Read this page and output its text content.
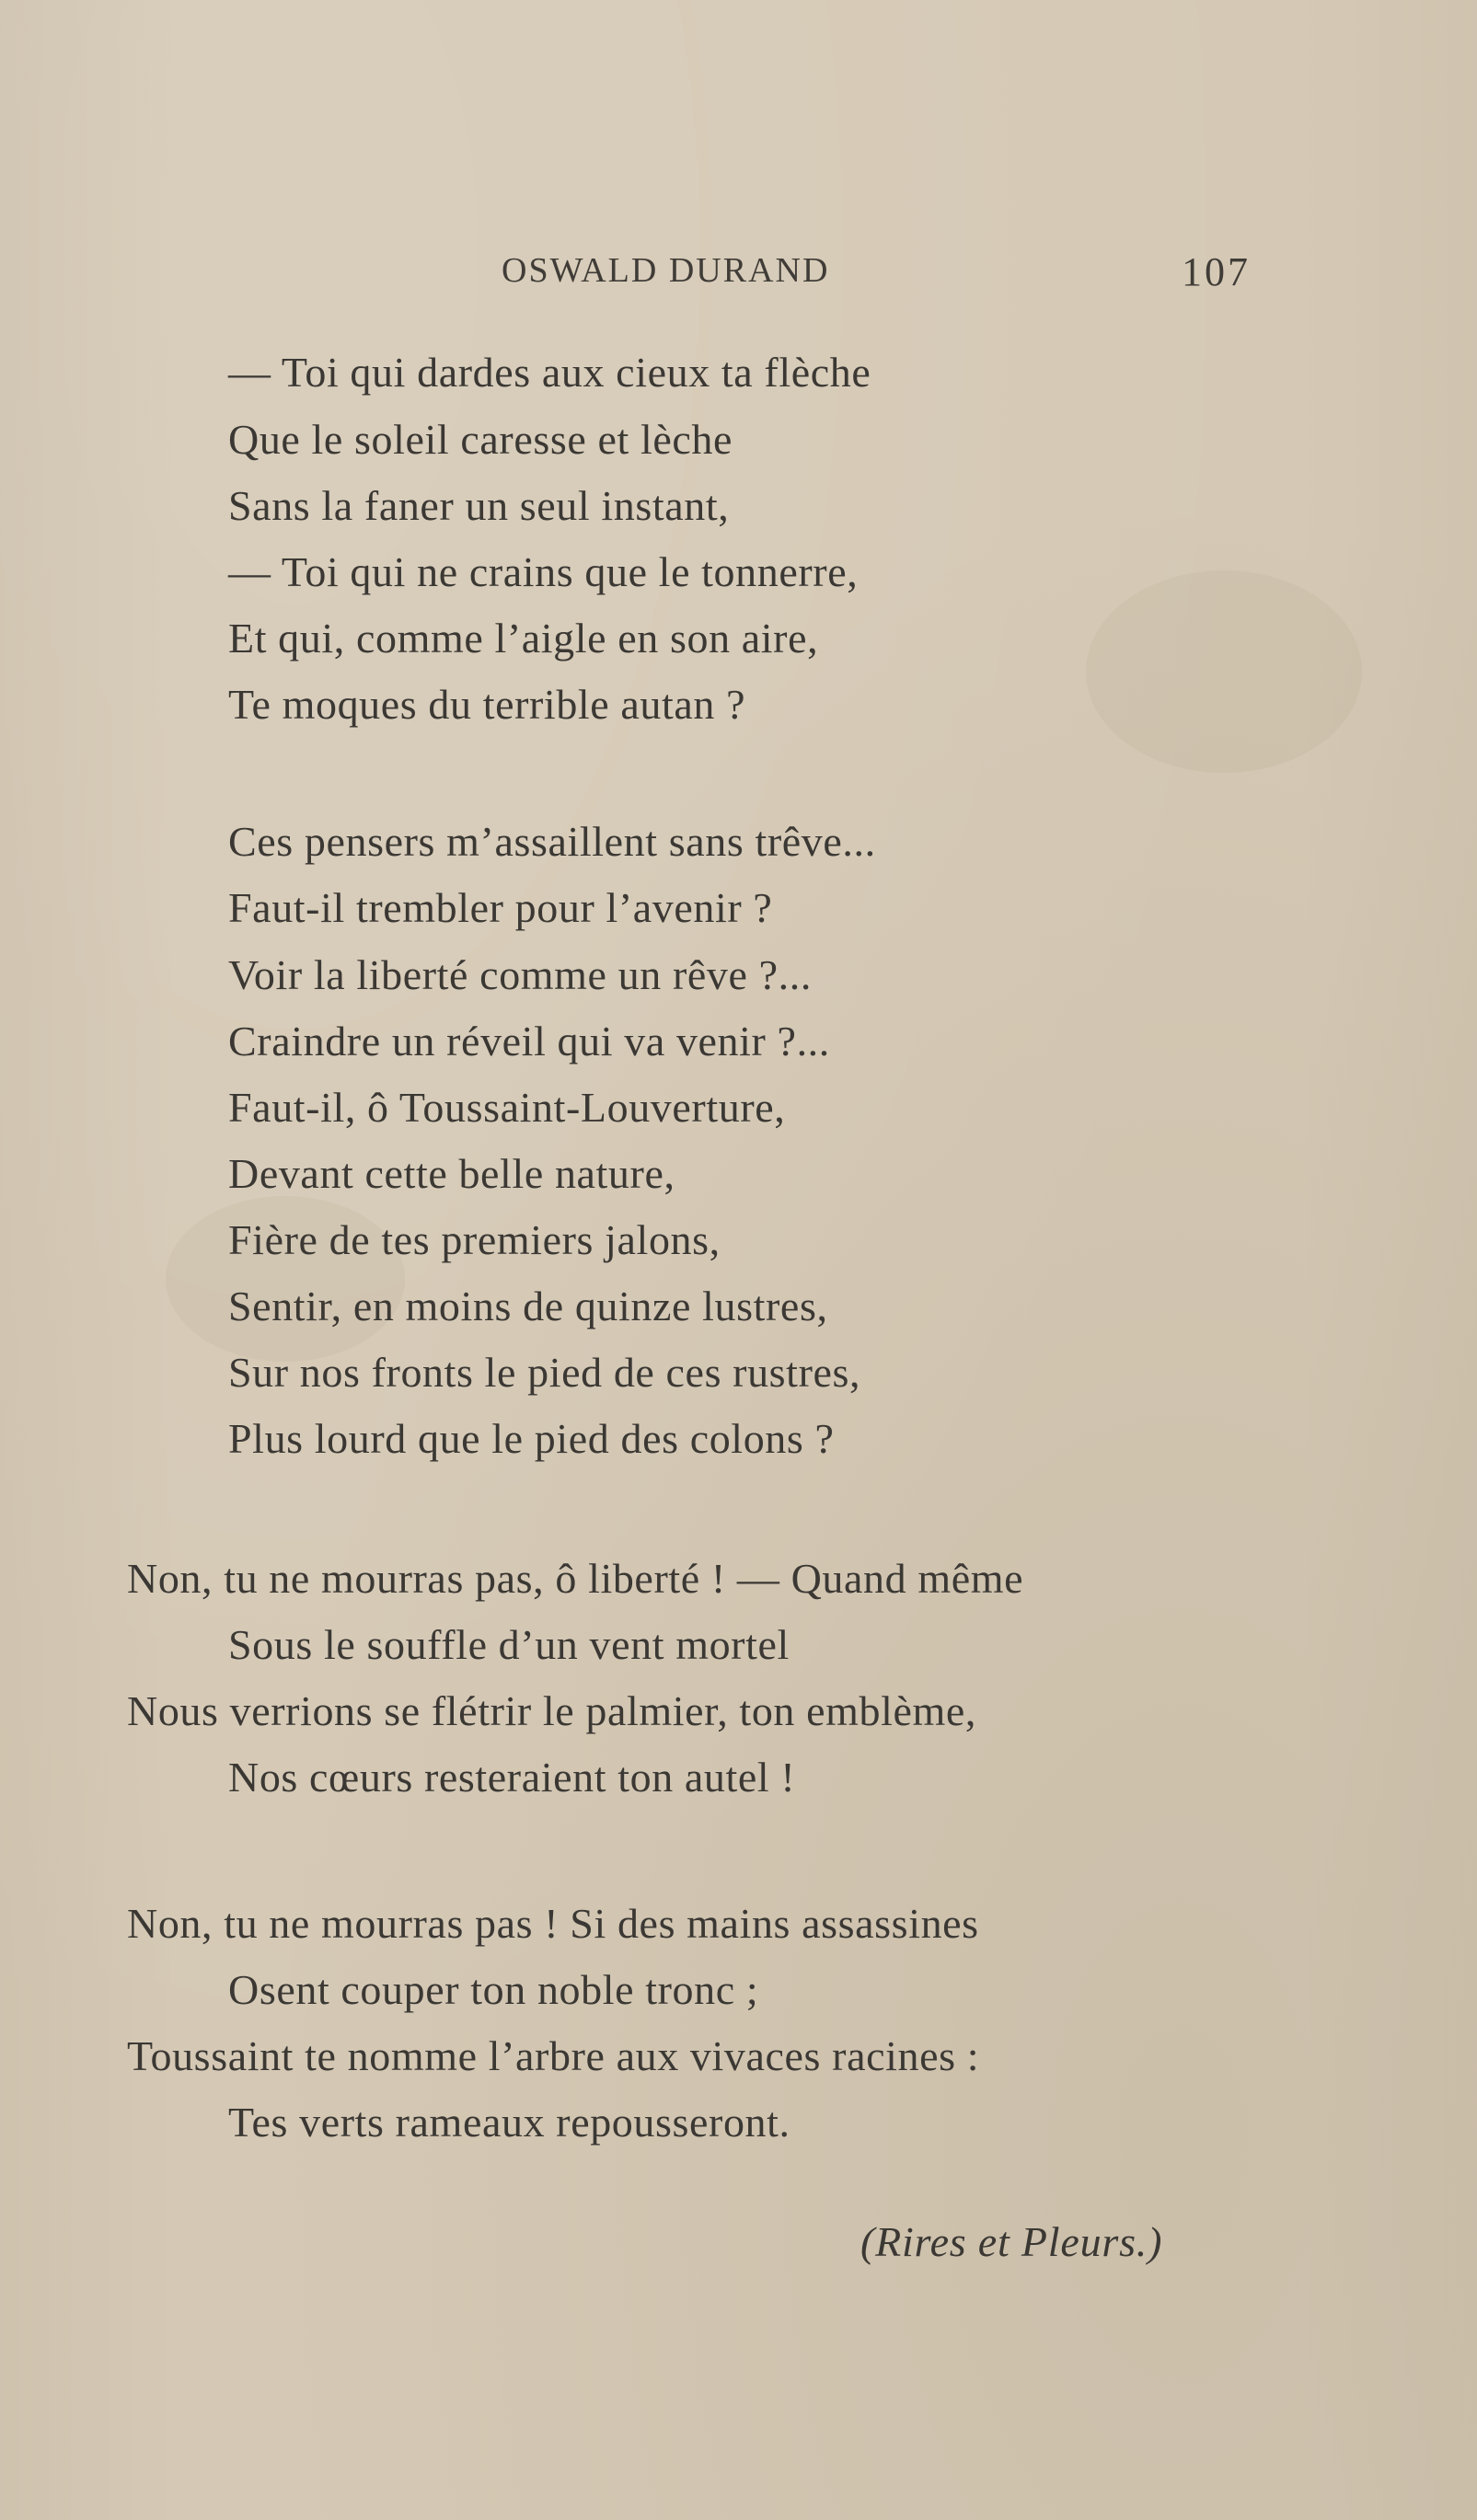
OSWALD DURAND	107
— Toi qui dardes aux cieux ta flèche
Que le soleil caresse et lèche
Sans la faner un seul instant,
— Toi qui ne crains que le tonnerre,
Et qui, comme l’aigle en son aire,
Te moques du terrible autan ?
Ces pensers m’assaillent sans trêve...
Faut-il trembler pour l’avenir ?
Voir la liberté comme un rêve ?...
Craindre un réveil qui va venir ?...
Faut-il, ô Toussaint-Louverture,
Devant cette belle nature,
Fière de tes premiers jalons,
Sentir, en moins de quinze lustres,
Sur nos fronts le pied de ces rustres,
Plus lourd que le pied des colons ?
Non, tu ne mourras pas, ô liberté ! — Quand même
Sous le souffle d’un vent mortel
Nous verrions se flétrir le palmier, ton emblème,
Nos cœurs resteraient ton autel !
Non, tu ne mourras pas ! Si des mains assassines
Osent couper ton noble tronc ;
Toussaint te nomme l’arbre aux vivaces racines :
Tes verts rameaux repousseront.
(Rires et Pleurs.)
